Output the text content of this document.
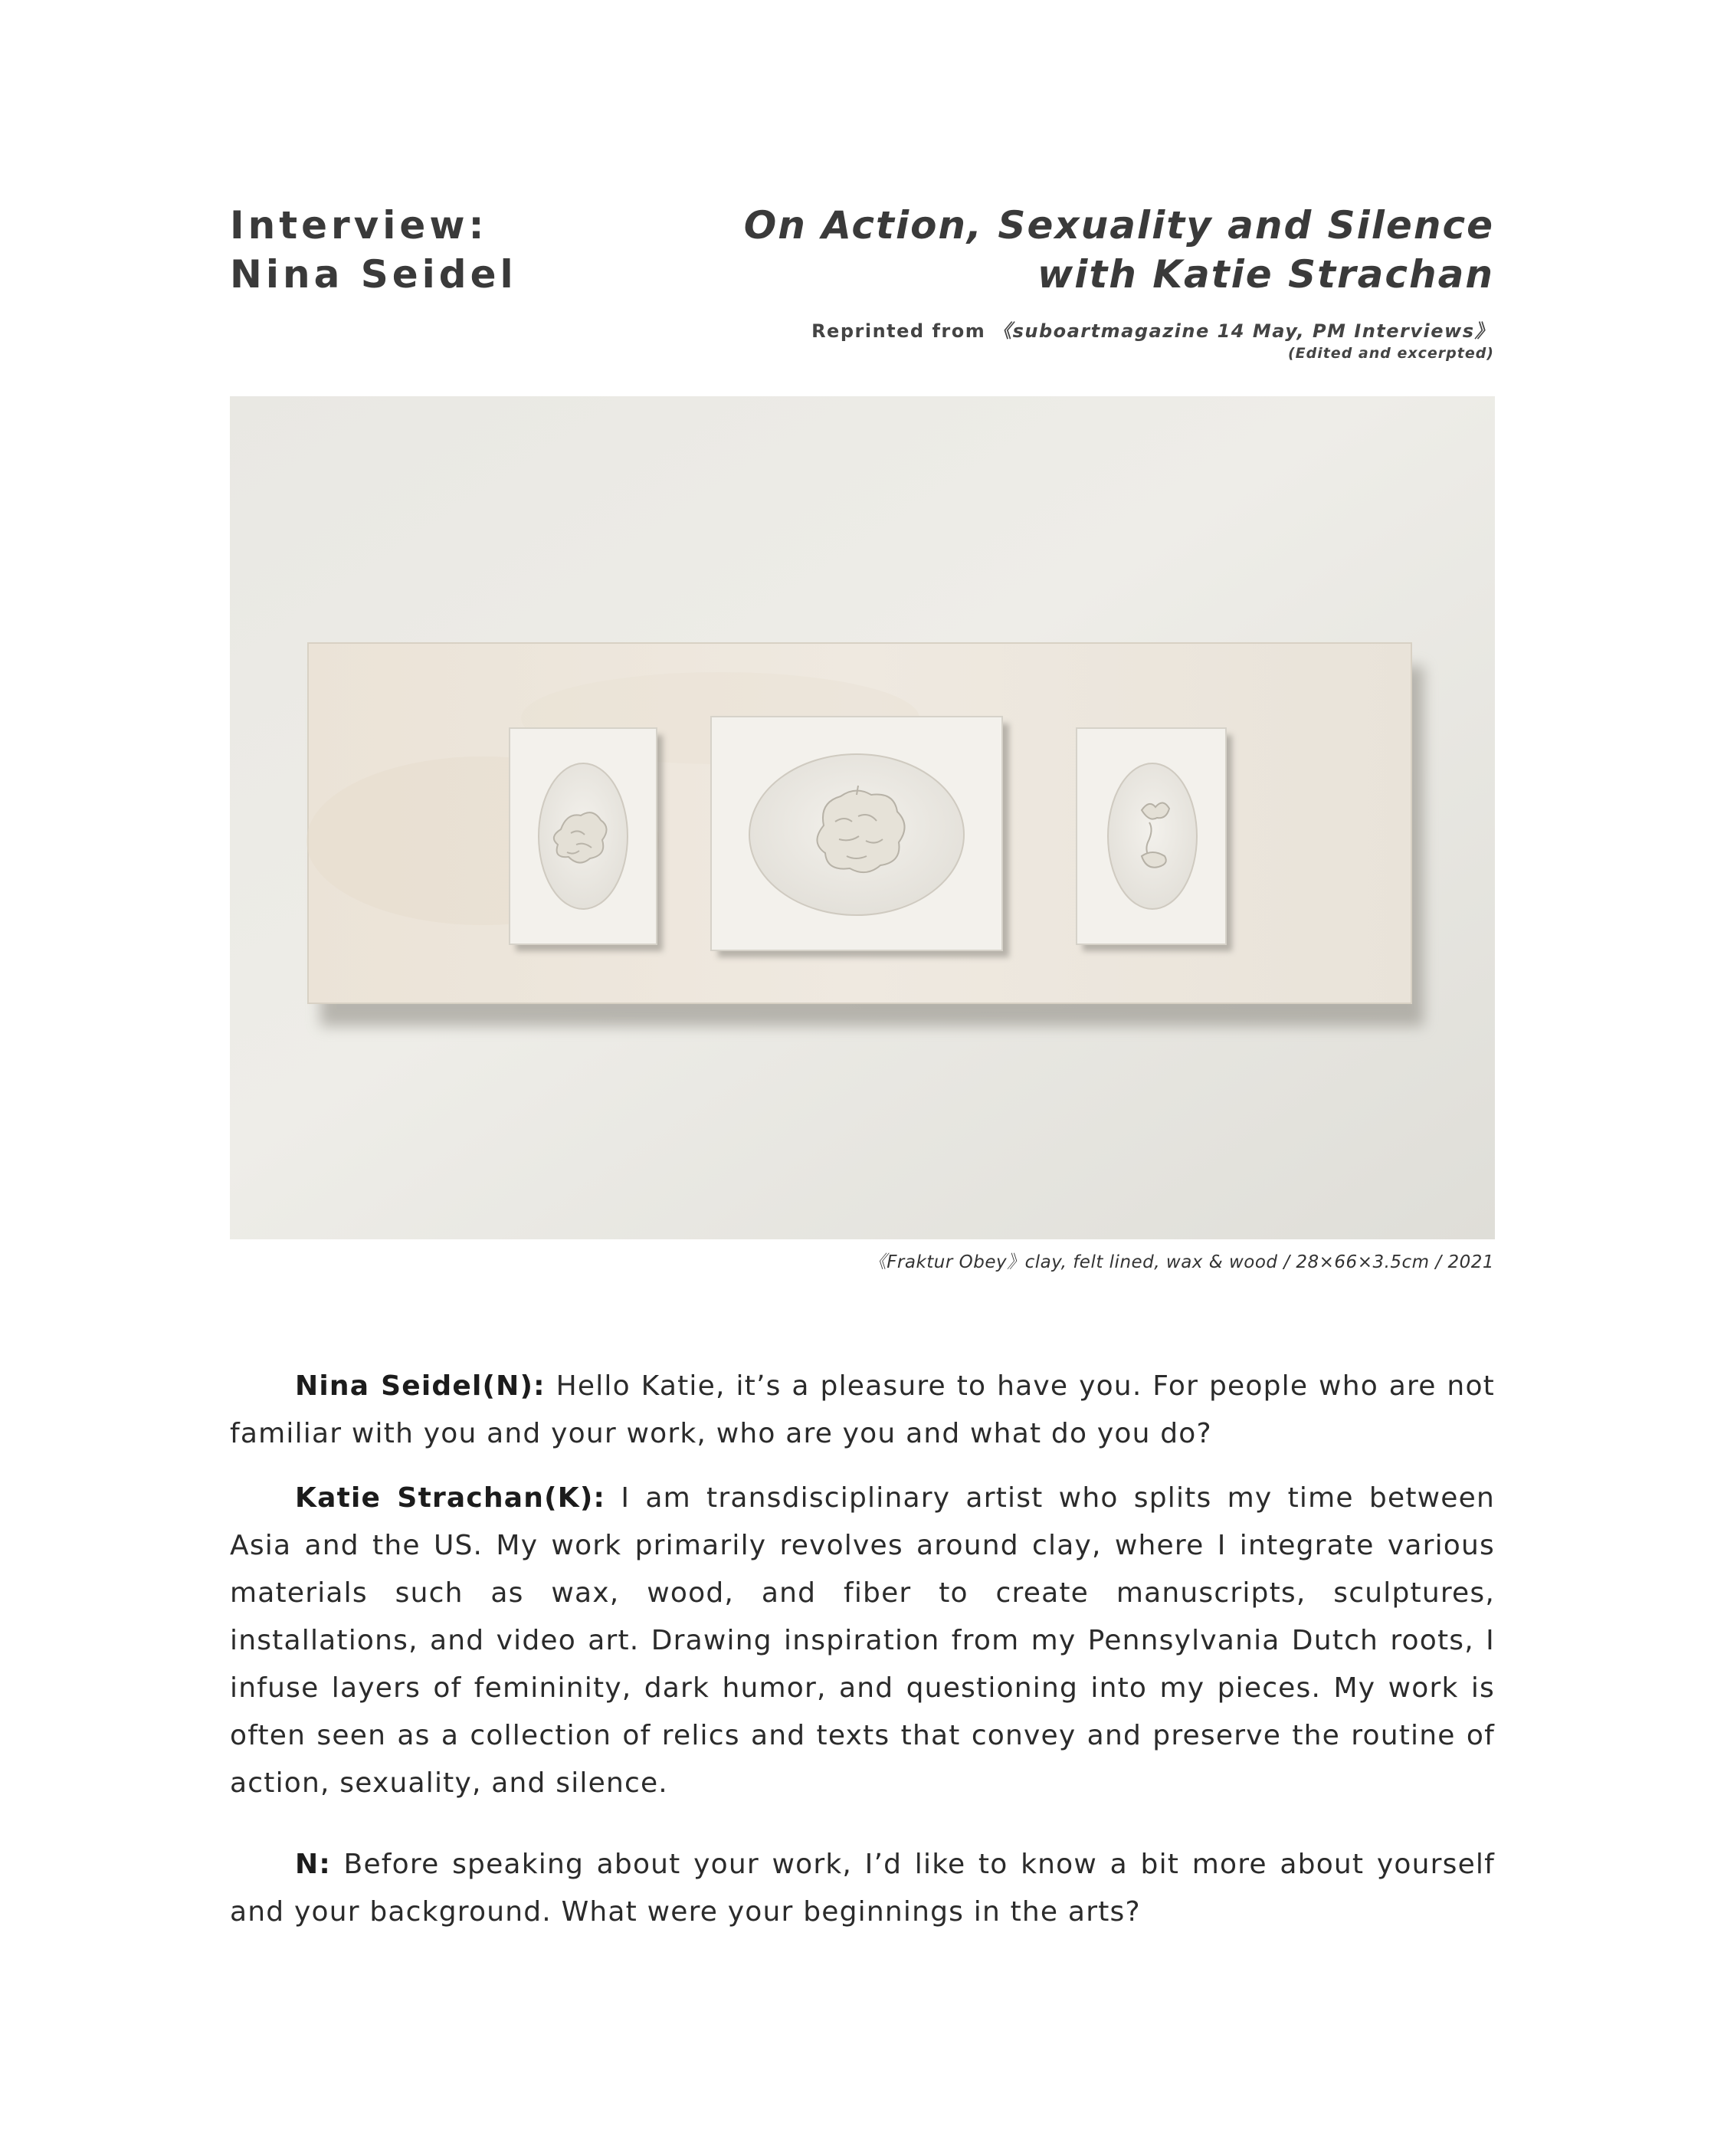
Interview:
Nina Seidel
On Action, Sexuality and Silence
with Katie Strachan
Reprinted from 《suboartmagazine 14 May, PM Interviews》
(Edited and excerpted)
《Fraktur Obey》clay, felt lined, wax & wood / 28×66×3.5cm / 2021

Nina Seidel(N): Hello Katie, it’s a pleasure to have you. For people who are not familiar with you and your work, who are you and what do you do?

Katie Strachan(K): I am transdisciplinary artist who splits my time between Asia and the US. My work primarily revolves around clay, where I integrate various materials such as wax, wood, and fiber to create manuscripts, sculptures, installations, and video art. Drawing inspiration from my Pennsylvania Dutch roots, I infuse layers of femininity, dark humor, and questioning into my pieces. My work is often seen as a collection of relics and texts that convey and preserve the routine of action, sexuality, and silence.

N: Before speaking about your work, I’d like to know a bit more about yourself and your background. What were your beginnings in the arts?
